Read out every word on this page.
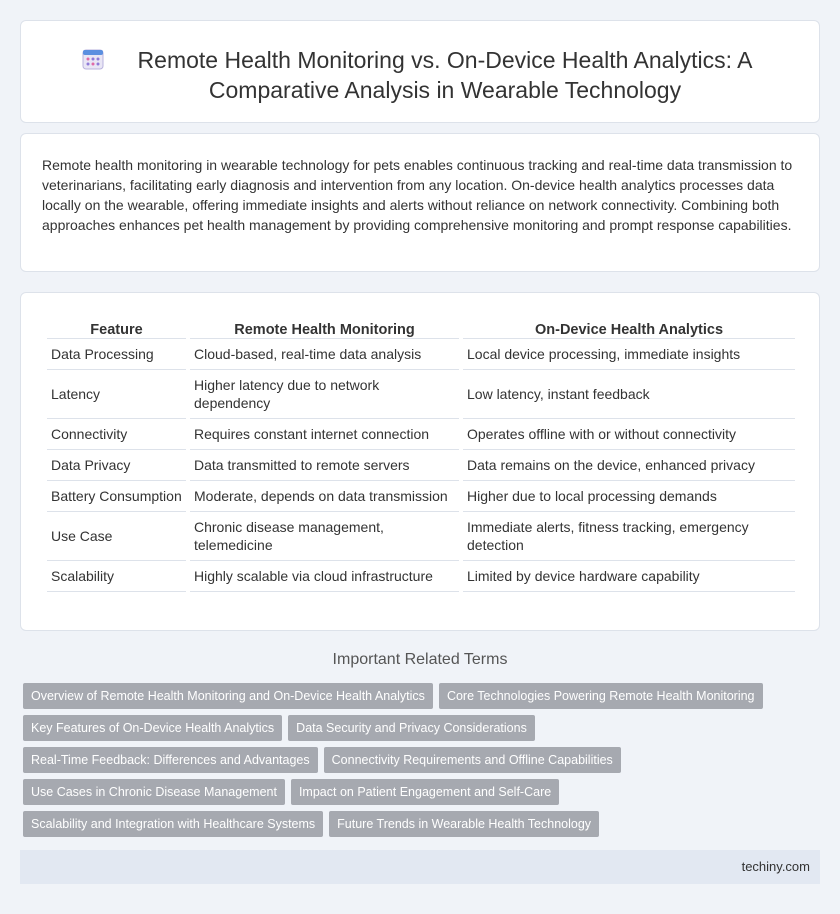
Remote Health Monitoring vs. On-Device Health Analytics: A Comparative Analysis in Wearable Technology

Remote health monitoring in wearable technology for pets enables continuous tracking and real-time data transmission to veterinarians, facilitating early diagnosis and intervention from any location. On-device health analytics processes data locally on the wearable, offering immediate insights and alerts without reliance on network connectivity. Combining both approaches enhances pet health management by providing comprehensive monitoring and prompt response capabilities.

Feature	Remote Health Monitoring	On-Device Health Analytics
Data Processing	Cloud-based, real-time data analysis	Local device processing, immediate insights
Latency	Higher latency due to network dependency	Low latency, instant feedback
Connectivity	Requires constant internet connection	Operates offline with or without connectivity
Data Privacy	Data transmitted to remote servers	Data remains on the device, enhanced privacy
Battery Consumption	Moderate, depends on data transmission	Higher due to local processing demands
Use Case	Chronic disease management, telemedicine	Immediate alerts, fitness tracking, emergency detection
Scalability	Highly scalable via cloud infrastructure	Limited by device hardware capability
Important Related Terms
Overview of Remote Health Monitoring and On-Device Health Analytics	Core Technologies Powering Remote Health Monitoring
Key Features of On-Device Health Analytics	Data Security and Privacy Considerations
Real-Time Feedback: Differences and Advantages	Connectivity Requirements and Offline Capabilities
Use Cases in Chronic Disease Management	Impact on Patient Engagement and Self-Care
Scalability and Integration with Healthcare Systems	Future Trends in Wearable Health Technology
techiny.com
